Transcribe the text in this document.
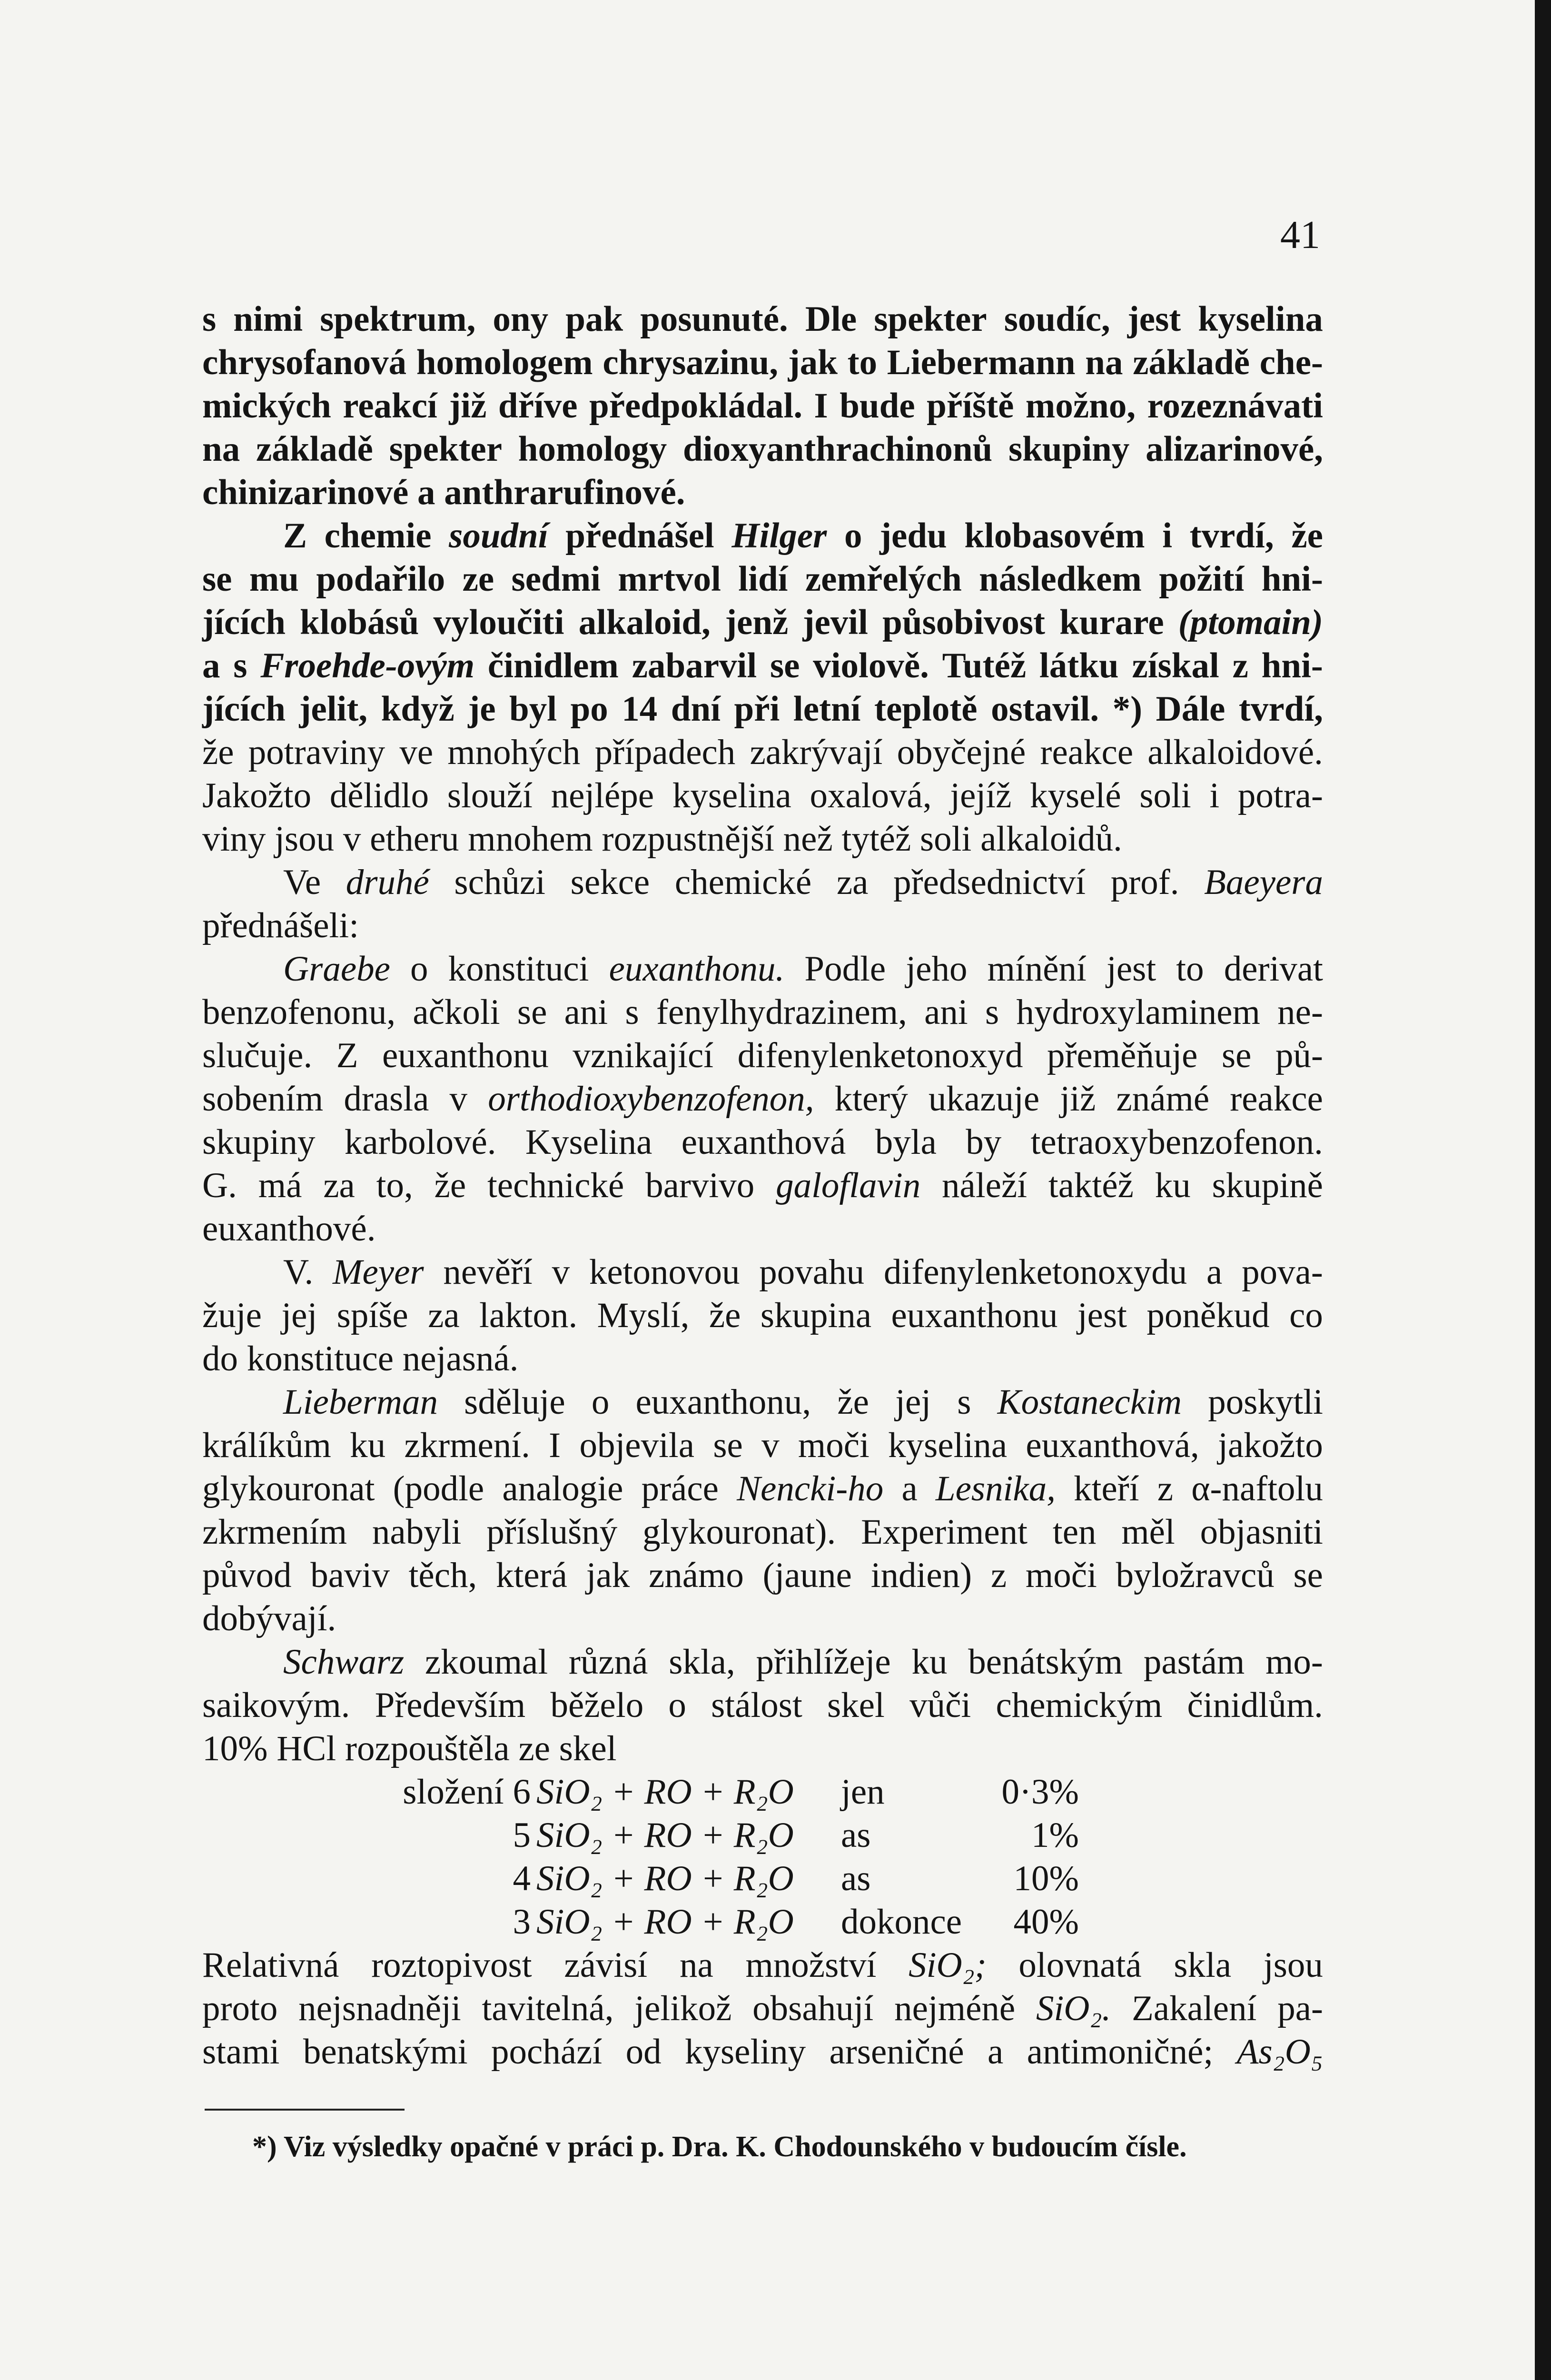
41
s nimi spektrum, ony pak posunuté. Dle spekter soudíc, jest kyselina
chrysofanová homologem chrysazinu, jak to Liebermann na základě che-
mických reakcí již dříve předpokládal. I bude příště možno, rozeznávati
na základě spekter homology dioxyanthrachinonů skupiny alizarinové,
chinizarinové a anthrarufinové.
Z chemie soudní přednášel Hilger o jedu klobasovém i tvrdí, že
se mu podařilo ze sedmi mrtvol lidí zemřelých následkem požití hni-
jících klobásů vyloučiti alkaloid, jenž jevil působivost kurare (ptomain)
a s Froehde-ovým činidlem zabarvil se violově. Tutéž látku získal z hni-
jících jelit, když je byl po 14 dní při letní teplotě ostavil. *) Dále tvrdí,
že potraviny ve mnohých případech zakrývají obyčejné reakce alkaloidové.
Jakožto dělidlo slouží nejlépe kyselina oxalová, jejíž kyselé soli i potra-
viny jsou v etheru mnohem rozpustnější než tytéž soli alkaloidů.
Ve druhé schůzi sekce chemické za předsednictví prof. Baeyera
přednášeli:
Graebe o konstituci euxanthonu. Podle jeho mínění jest to derivat
benzofenonu, ačkoli se ani s fenylhydrazinem, ani s hydroxylaminem ne-
slučuje. Z euxanthonu vznikající difenylenketonoxyd přeměňuje se pů-
sobením drasla v orthodioxybenzofenon, který ukazuje již známé reakce
skupiny karbolové. Kyselina euxanthová byla by tetraoxybenzofenon.
G. má za to, že technické barvivo galoflavin náleží taktéž ku skupině
euxanthové.
V. Meyer nevěří v ketonovou povahu difenylenketonoxydu a pova-
žuje jej spíše za lakton. Myslí, že skupina euxanthonu jest poněkud co
do konstituce nejasná.
Lieberman sděluje o euxanthonu, že jej s Kostaneckim poskytli
králíkům ku zkrmení. I objevila se v moči kyselina euxanthová, jakožto
glykouronat (podle analogie práce Nencki-ho a Lesnika, kteří z α-naftolu
zkrmením nabyli příslušný glykouronat). Experiment ten měl objasniti
původ baviv těch, která jak známo (jaune indien) z moči byložravců se
dobývají.
Schwarz zkoumal různá skla, přihlížeje ku benátským pastám mo-
saikovým. Především běželo o stálost skel vůči chemickým činidlům.
10% HCl rozpouštěla ze skel
složení 6 SiO₂ + RO + R₂O	jen	0·3%
5 SiO₂ + RO + R₂O	as	1%
4 SiO₂ + RO + R₂O	as	10%
3 SiO₂ + RO + R₂O	dokonce	40%
Relativná roztopivost závisí na množství SiO₂; olovnatá skla jsou
proto nejsnadněji tavitelná, jelikož obsahují nejméně SiO₂. Zakalení pa-
stami benatskými pochází od kyseliny arseničné a antimoničné; As₂O₅
*) Viz výsledky opačné v práci p. Dra. K. Chodounského v budoucím čísle.
